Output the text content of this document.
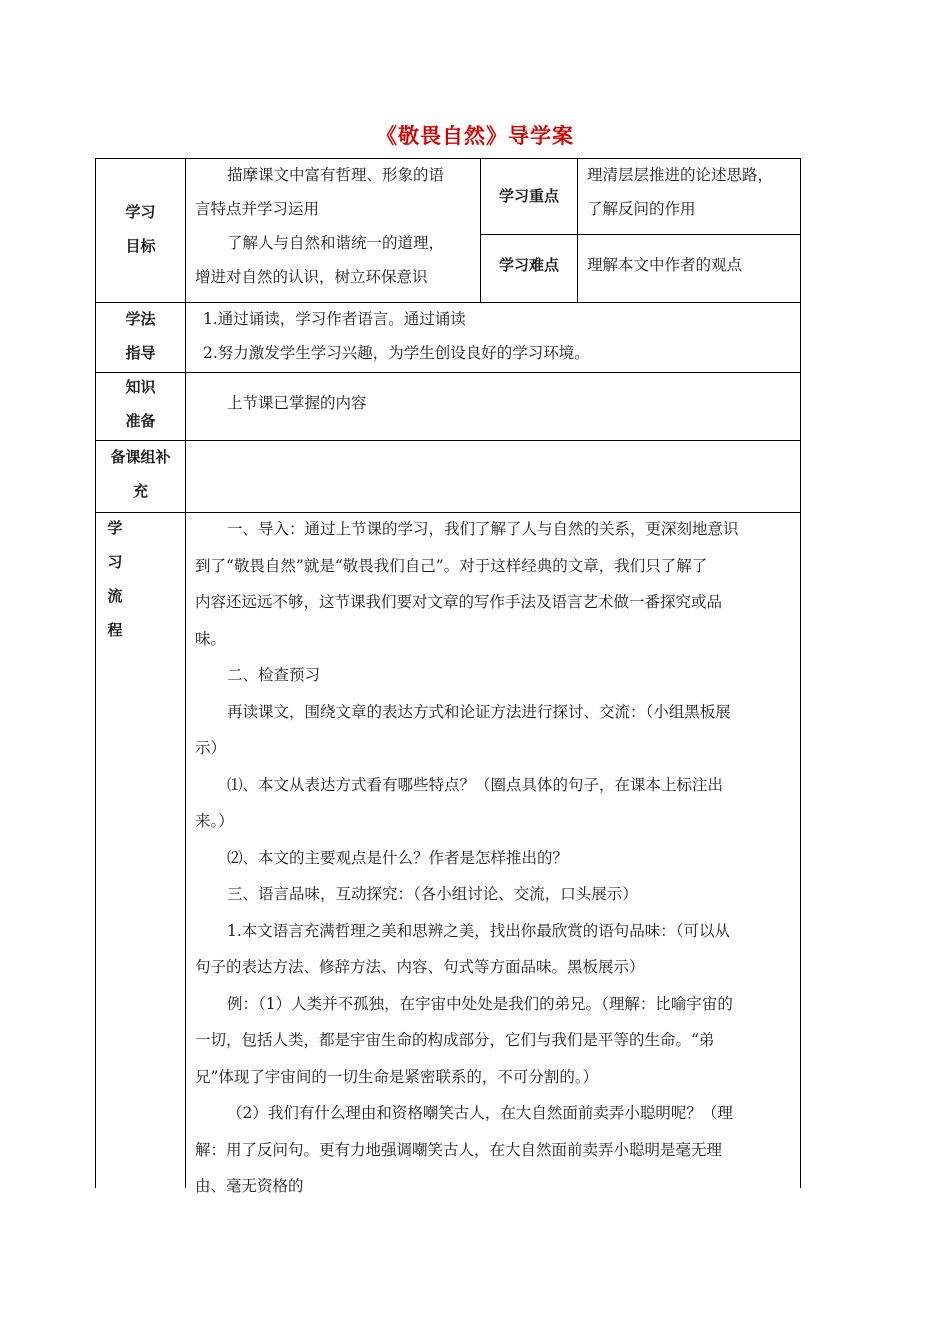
《敬畏自然》导学案
学习
目标
描摩课文中富有哲理、形象的语
言特点并学习运用
了解人与自然和谐统一的道理，
增进对自然的认识，树立环保意识
学习重点
理清层层推进的论述思路，
了解反问的作用
学习难点	理解本文中作者的观点
学法
指导
1.通过诵读，学习作者语言。通过诵读
2.努力激发学生学习兴趣，为学生创设良好的学习环境。
知识
准备
上节课已掌握的内容
备课组补
充
学
习
流
程
一、导入：通过上节课的学习，我们了解了人与自然的关系，更深刻地意识
到了“敬畏自然”就是“敬畏我们自己”。对于这样经典的文章，我们只了解了
内容还远远不够，这节课我们要对文章的写作手法及语言艺术做一番探究或品
味。
二、检查预习
再读课文，围绕文章的表达方式和论证方法进行探讨、交流：（小组黑板展
示）
⑴、本文从表达方式看有哪些特点？（圈点具体的句子，在课本上标注出
来。）
⑵、本文的主要观点是什么？作者是怎样推出的？
三、语言品味，互动探究：（各小组讨论、交流，口头展示）
1.本文语言充满哲理之美和思辨之美，找出你最欣赏的语句品味：（可以从
句子的表达方法、修辞方法、内容、句式等方面品味。黑板展示）
例：（1）人类并不孤独，在宇宙中处处是我们的弟兄。（理解：比喻宇宙的
一切，包括人类，都是宇宙生命的构成部分，它们与我们是平等的生命。“弟
兄”体现了宇宙间的一切生命是紧密联系的，不可分割的。）
（2）我们有什么理由和资格嘲笑古人，在大自然面前卖弄小聪明呢？（理
解：用了反问句。更有力地强调嘲笑古人，在大自然面前卖弄小聪明是毫无理
由、毫无资格的
